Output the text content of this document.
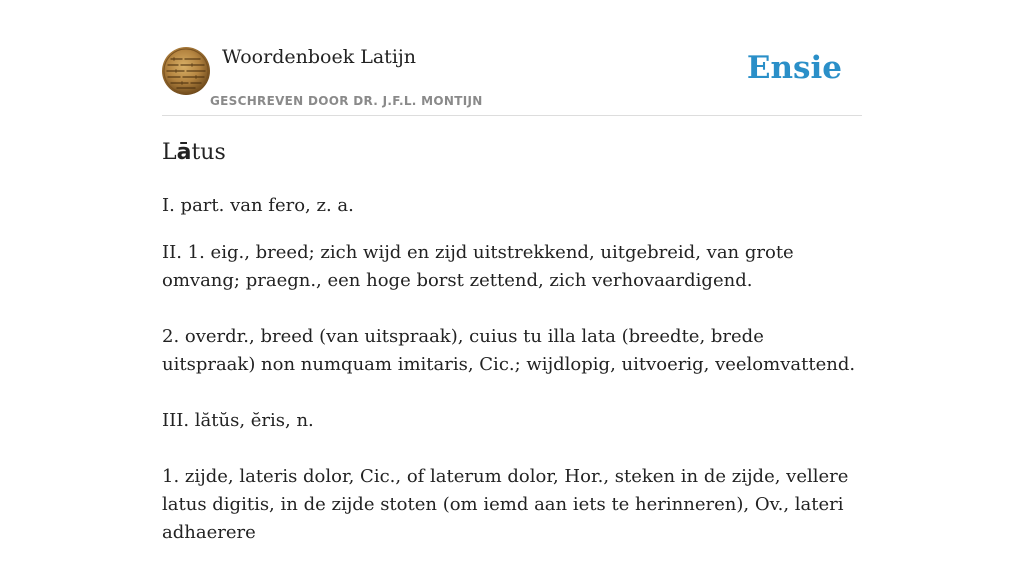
Woordenboek Latijn
GESCHREVEN DOOR DR. J.F.L. MONTIJN
Ensie
Lātus

I. part. van fero, z. a.

II. 1. eig., breed; zich wijd en zijd uitstrekkend, uitgebreid, van grote omvang; praegn., een hoge borst zettend, zich verhovaardigend.

2. overdr., breed (van uitspraak), cuius tu illa lata (breedte, brede uitspraak) non numquam imitaris, Cic.; wijdlopig, uitvoerig, veelomvattend.

III. lătŭs, ĕris, n.

1. zijde, lateris dolor, Cic., of laterum dolor, Hor., steken in de zijde, vellere latus digitis, in de zijde stoten (om iemd aan iets te herinneren), Ov., lateri adhaerere
